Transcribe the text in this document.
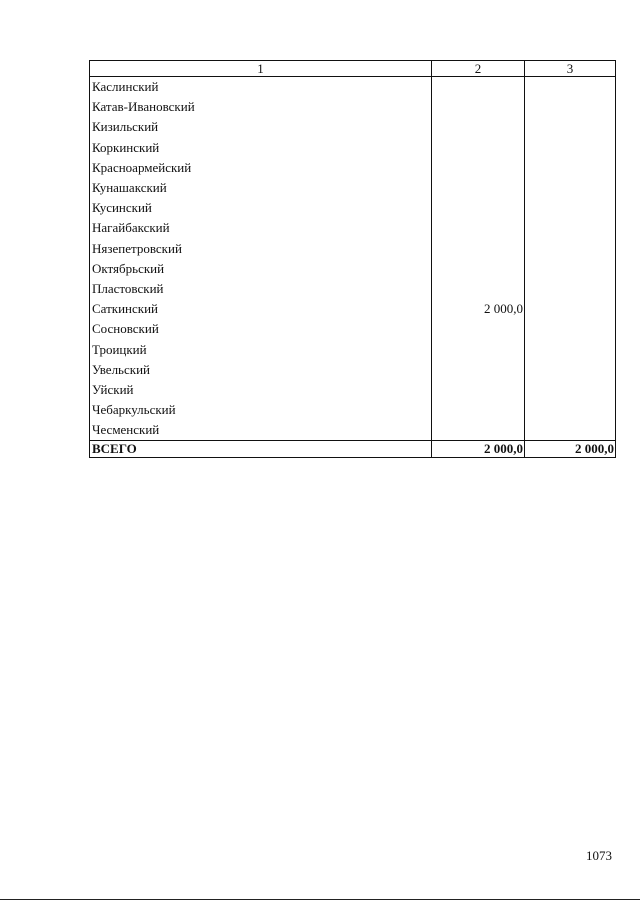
1	2	3
Каслинский		
Катав-Ивановский		
Кизильский		
Коркинский		
Красноармейский		
Кунашакский		
Кусинский		
Нагайбакский		
Нязепетровский		
Октябрьский		
Пластовский		
Саткинский	2 000,0	
Сосновский		
Троицкий		
Увельский		
Уйский		
Чебаркульский		
Чесменский		
ВСЕГО	2 000,0	2 000,0
1073
